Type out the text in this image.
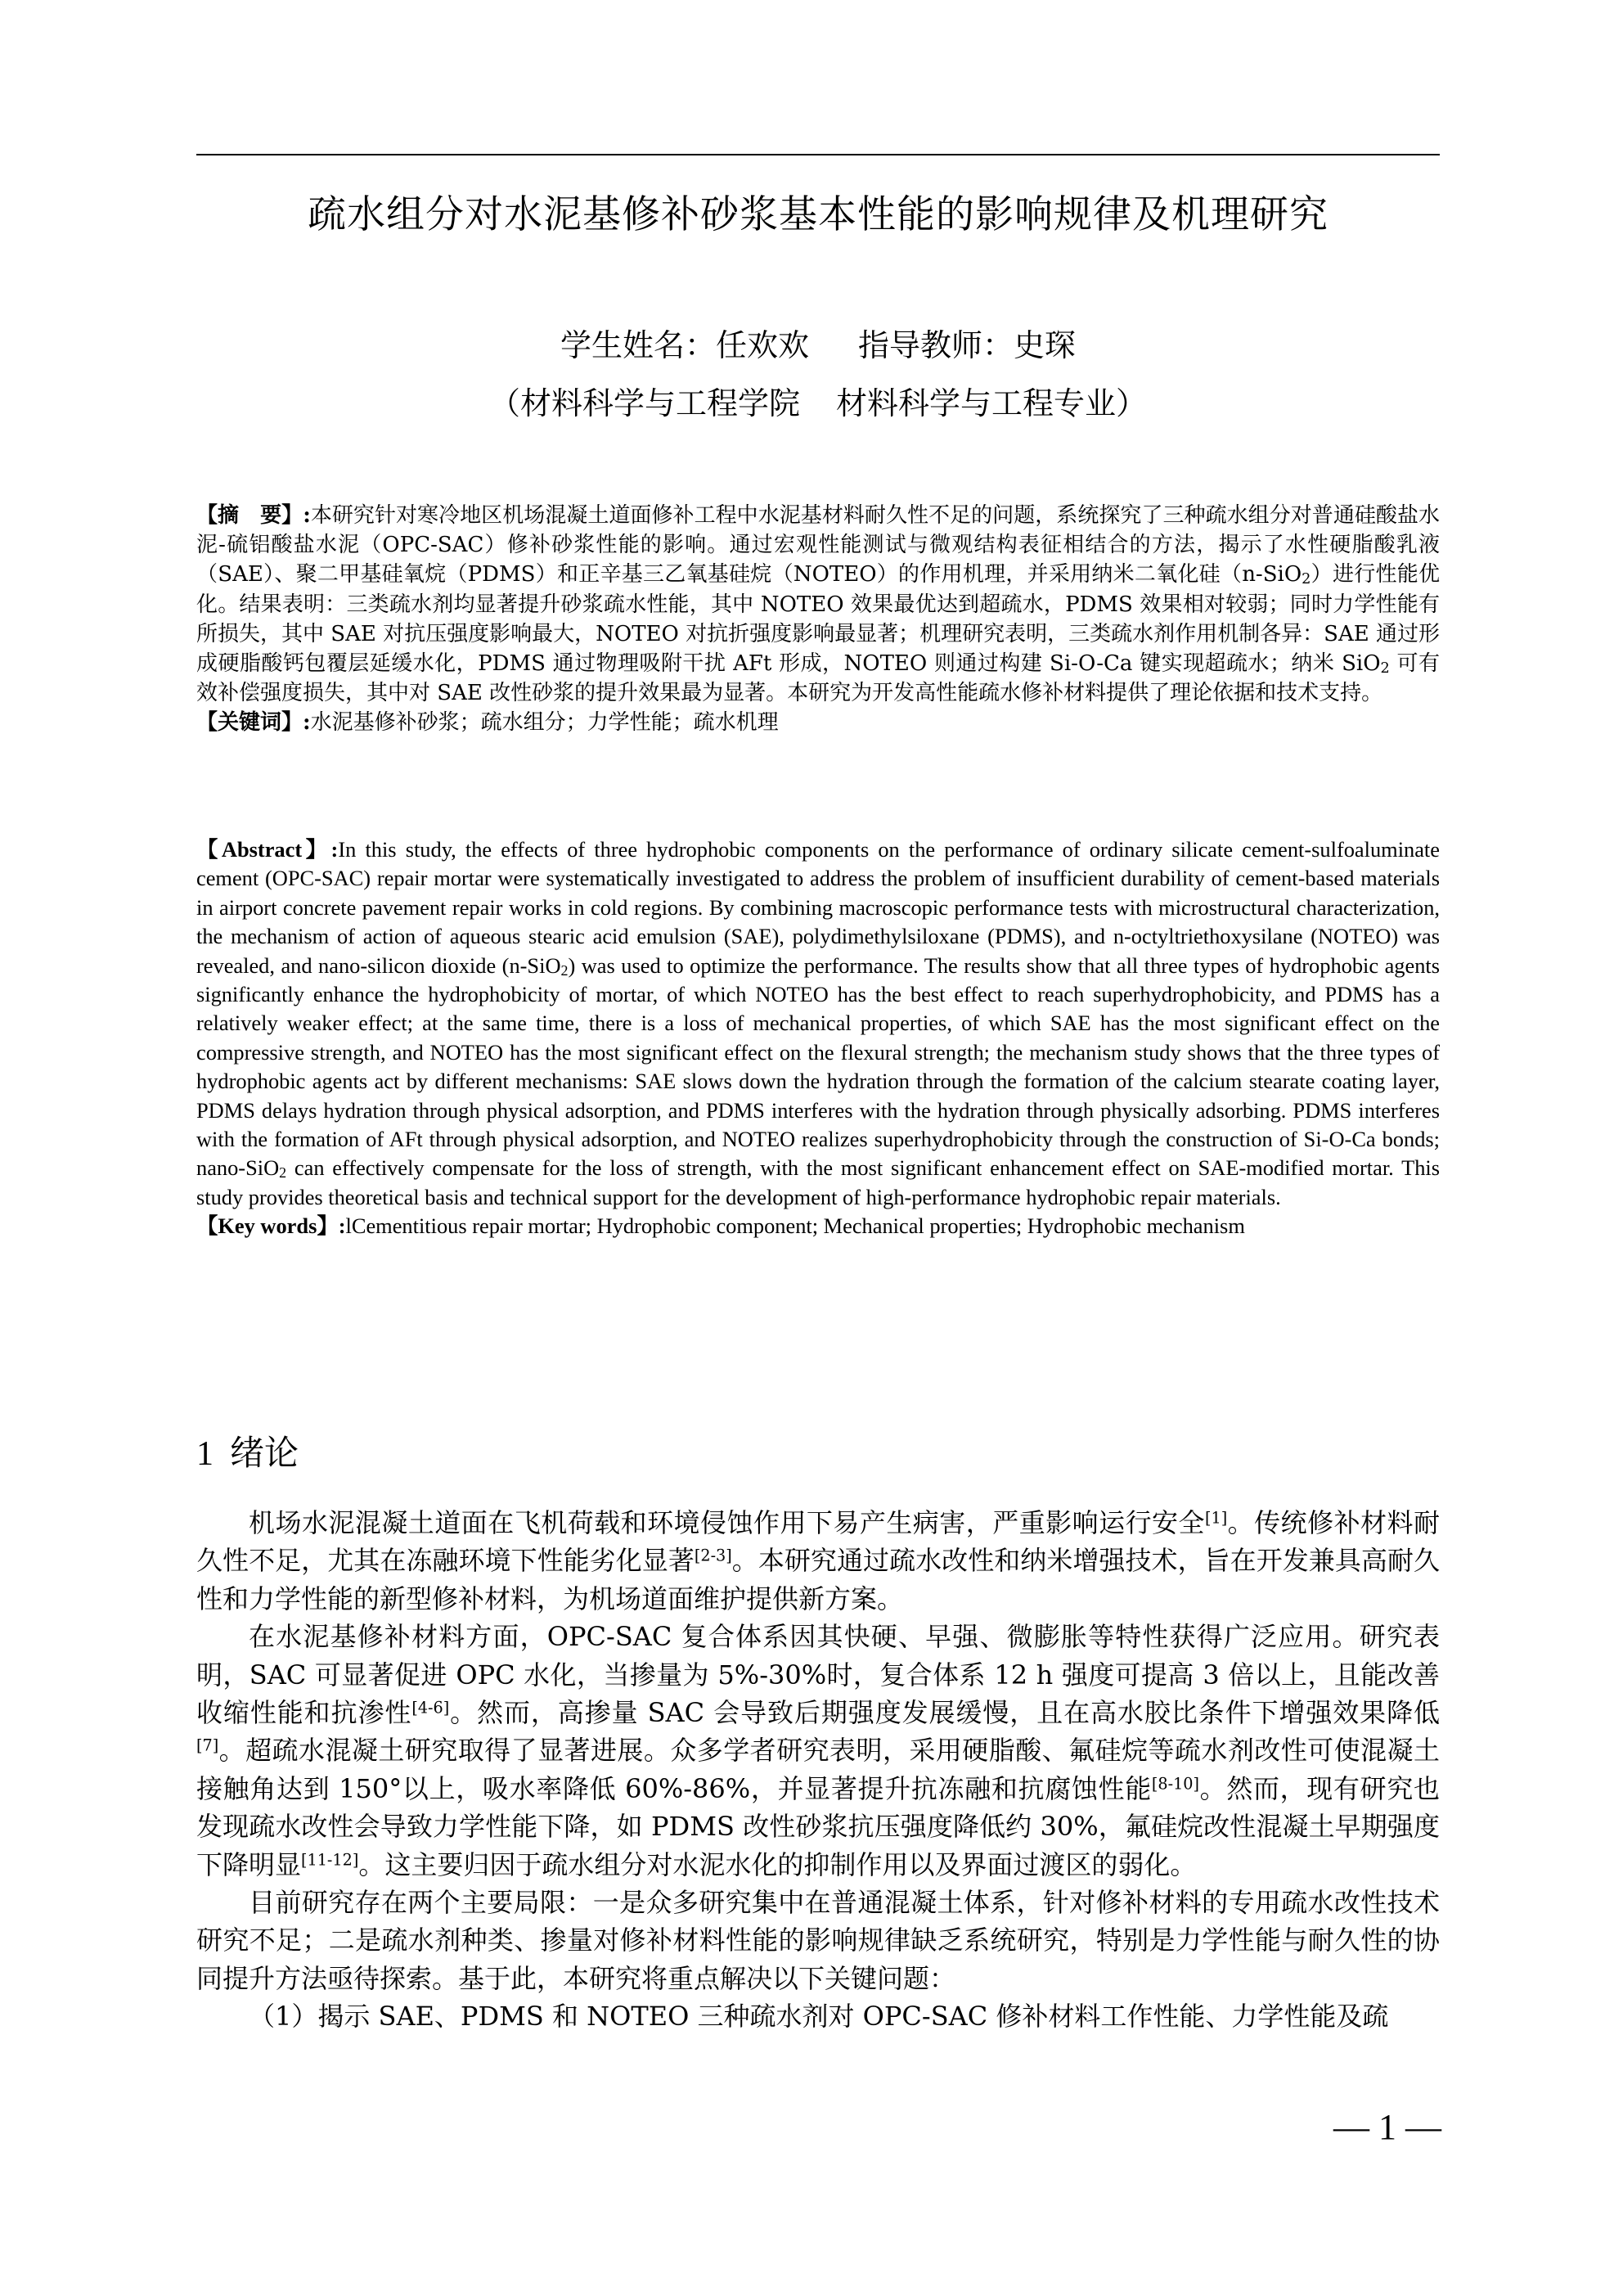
疏水组分对水泥基修补砂浆基本性能的影响规律及机理研究
学生姓名：任欢欢 指导教师：史琛
（材料科学与工程学院 材料科学与工程专业）
【摘　要】:本研究针对寒冷地区机场混凝土道面修补工程中水泥基材料耐久性不足的问题，系统探究了三种疏水组分对普通硅酸盐水泥-硫铝酸盐水泥（OPC-SAC）修补砂浆性能的影响。通过宏观性能测试与微观结构表征相结合的方法，揭示了水性硬脂酸乳液（SAE）、聚二甲基硅氧烷（PDMS）和正辛基三乙氧基硅烷（NOTEO）的作用机理，并采用纳米二氧化硅（n-SiO$_2$）进行性能优化。结果表明：三类疏水剂均显著提升砂浆疏水性能，其中 NOTEO 效果最优达到超疏水，PDMS 效果相对较弱；同时力学性能有所损失，其中 SAE 对抗压强度影响最大，NOTEO 对抗折强度影响最显著；机理研究表明，三类疏水剂作用机制各异：SAE 通过形成硬脂酸钙包覆层延缓水化，PDMS 通过物理吸附干扰 AFt 形成，NOTEO 则通过构建 Si-O-Ca 键实现超疏水；纳米 SiO$_2$ 可有效补偿强度损失，其中对 SAE 改性砂浆的提升效果最为显著。本研究为开发高性能疏水修补材料提供了理论依据和技术支持。
【关键词】:水泥基修补砂浆；疏水组分；力学性能；疏水机理
【Abstract】:In this study, the effects of three hydrophobic components on the performance of ordinary silicate cement-sulfoaluminate cement (OPC-SAC) repair mortar were systematically investigated to address the problem of insufficient durability of cement-based materials in airport concrete pavement repair works in cold regions. By combining macroscopic performance tests with microstructural characterization, the mechanism of action of aqueous stearic acid emulsion (SAE), polydimethylsiloxane (PDMS), and n-octyltriethoxysilane (NOTEO) was revealed, and nano-silicon dioxide (n-SiO$_2$) was used to optimize the performance. The results show that all three types of hydrophobic agents significantly enhance the hydrophobicity of mortar, of which NOTEO has the best effect to reach superhydrophobicity, and PDMS has a relatively weaker effect; at the same time, there is a loss of mechanical properties, of which SAE has the most significant effect on the compressive strength, and NOTEO has the most significant effect on the flexural strength; the mechanism study shows that the three types of hydrophobic agents act by different mechanisms: SAE slows down the hydration through the formation of the calcium stearate coating layer, PDMS delays hydration through physical adsorption, and PDMS interferes with the hydration through physically adsorbing. PDMS interferes with the formation of AFt through physical adsorption, and NOTEO realizes superhydrophobicity through the construction of Si-O-Ca bonds; nano-SiO$_2$ can effectively compensate for the loss of strength, with the most significant enhancement effect on SAE-modified mortar. This study provides theoretical basis and technical support for the development of high-performance hydrophobic repair materials.
【Key words】:lCementitious repair mortar; Hydrophobic component; Mechanical properties; Hydrophobic mechanism
1 绪论

机场水泥混凝土道面在飞机荷载和环境侵蚀作用下易产生病害，严重影响运行安全[1]。传统修补材料耐久性不足，尤其在冻融环境下性能劣化显著[2-3]。本研究通过疏水改性和纳米增强技术，旨在开发兼具高耐久性和力学性能的新型修补材料，为机场道面维护提供新方案。

在水泥基修补材料方面，OPC-SAC 复合体系因其快硬、早强、微膨胀等特性获得广泛应用。研究表明，SAC 可显著促进 OPC 水化，当掺量为 5%-30%时，复合体系 12 h 强度可提高 3 倍以上，且能改善收缩性能和抗渗性[4-6]。然而，高掺量 SAC 会导致后期强度发展缓慢，且在高水胶比条件下增强效果降低[7]。超疏水混凝土研究取得了显著进展。众多学者研究表明，采用硬脂酸、氟硅烷等疏水剂改性可使混凝土接触角达到 150°以上，吸水率降低 60%-86%，并显著提升抗冻融和抗腐蚀性能[8-10]。然而，现有研究也发现疏水改性会导致力学性能下降，如 PDMS 改性砂浆抗压强度降低约 30%，氟硅烷改性混凝土早期强度下降明显[11-12]。这主要归因于疏水组分对水泥水化的抑制作用以及界面过渡区的弱化。

目前研究存在两个主要局限：一是众多研究集中在普通混凝土体系，针对修补材料的专用疏水改性技术研究不足；二是疏水剂种类、掺量对修补材料性能的影响规律缺乏系统研究，特别是力学性能与耐久性的协同提升方法亟待探索。基于此，本研究将重点解决以下关键问题：

（1）揭示 SAE、PDMS 和 NOTEO 三种疏水剂对 OPC-SAC 修补材料工作性能、力学性能及疏

— 1 —
